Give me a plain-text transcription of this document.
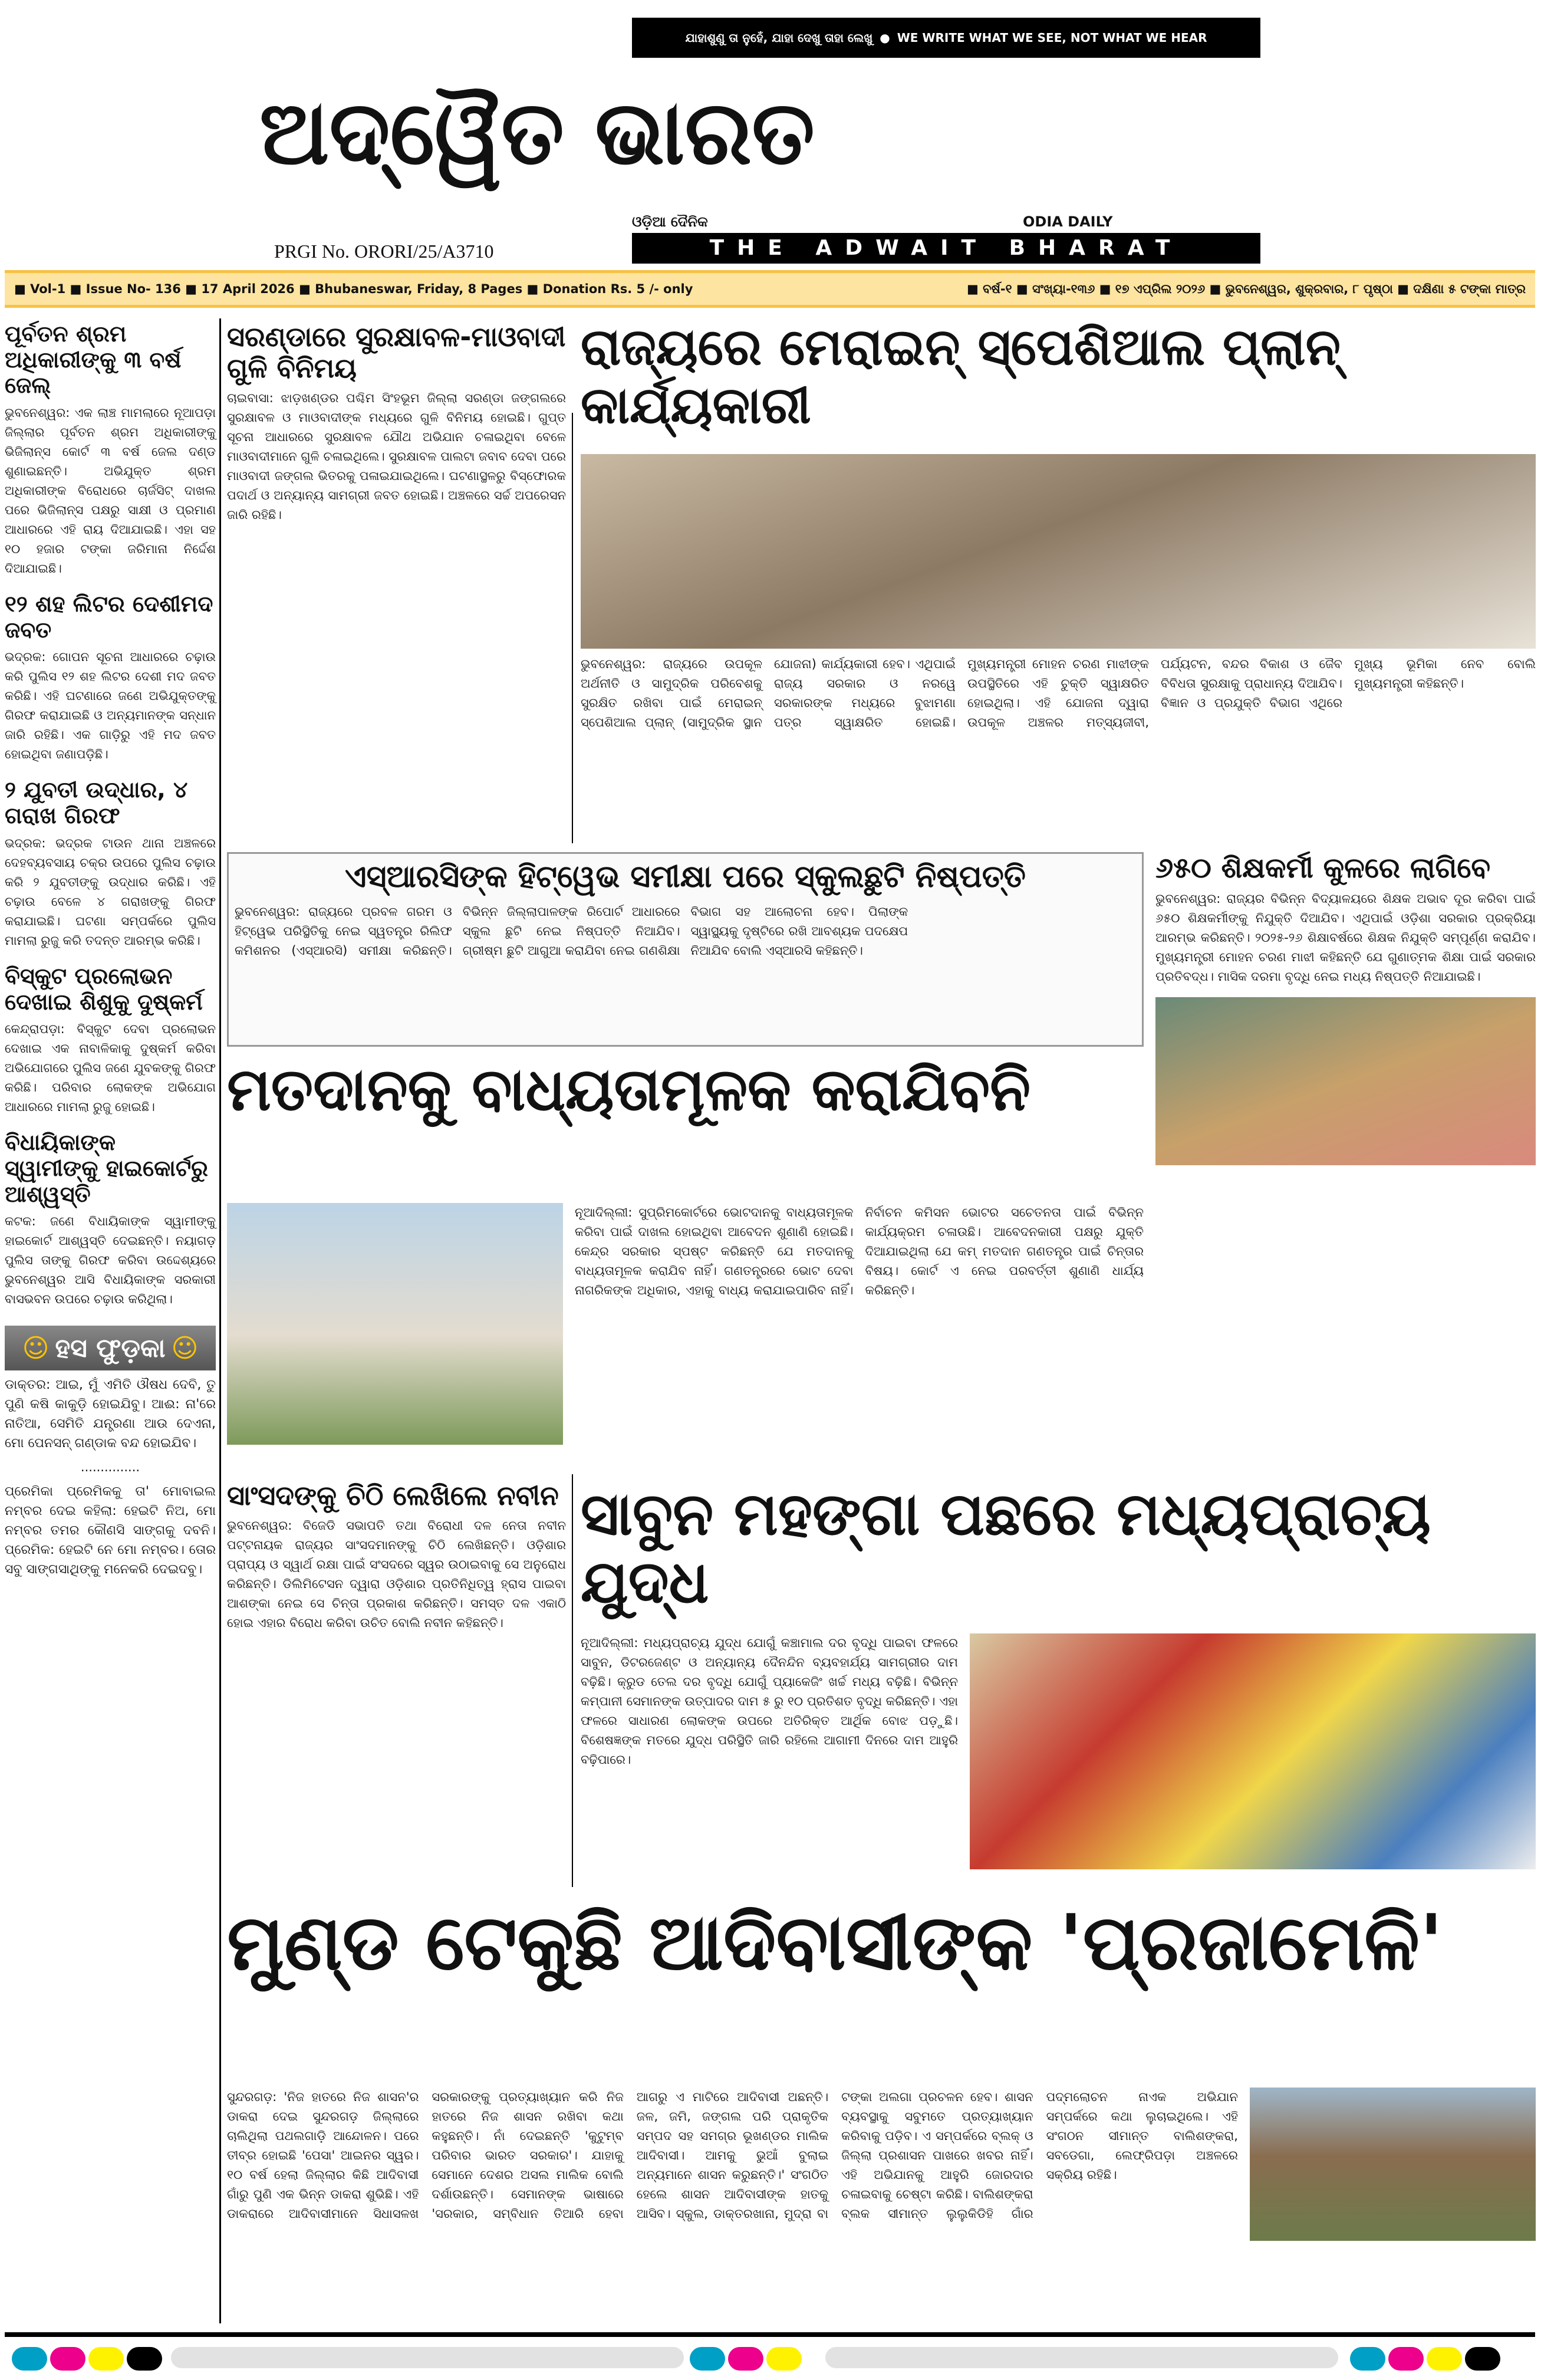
ଅଦ୍ୱୈତ ଭାରତ
ଯାହାଶୁଣୁ ତା ନୁହେଁ, ଯାହା ଦେଖୁ ତାହା ଲେଖୁ ● WE WRITE WHAT WE SEE, NOT WHAT WE HEAR
ଓଡ଼ିଆ ଦୈନିକ	ODIA DAILY
THE ADWAIT BHARAT
PRGI No. ORORI/25/A3710
■ Vol-1 ■ Issue No- 136 ■ 17 April 2026 ■ Bhubaneswar, Friday, 8 Pages ■ Donation Rs. 5 /- only	■ ବର୍ଷ-୧ ■ ସଂଖ୍ୟା-୧୩୬ ■ ୧୭ ଏପ୍ରିଲ ୨୦୨୬ ■ ଭୁବନେଶ୍ୱର, ଶୁକ୍ରବାର, ୮ ପୃଷ୍ଠା ■ ଦକ୍ଷିଣା ୫ ଟଙ୍କା ମାତ୍ର
ପୂର୍ବତନ ଶ୍ରମ ଅଧିକାରୀଙ୍କୁ ୩ ବର୍ଷ ଜେଲ୍
ଭୁବନେଶ୍ୱର: ଏକ ଲାଞ୍ଚ ମାମଲାରେ ନୂଆପଡ଼ା ଜିଲ୍ଲାର ପୂର୍ବତନ ଶ୍ରମ ଅଧିକାରୀଙ୍କୁ ଭିଜିଲାନ୍ସ କୋର୍ଟ ୩ ବର୍ଷ ଜେଲ ଦଣ୍ଡ ଶୁଣାଇଛନ୍ତି। ଅଭିଯୁକ୍ତ ଶ୍ରମ ଅଧିକାରୀଙ୍କ ବିରୋଧରେ ଚାର୍ଜସିଟ୍ ଦାଖଲ ପରେ ଭିଜିଲାନ୍ସ ପକ୍ଷରୁ ସାକ୍ଷୀ ଓ ପ୍ରମାଣ ଆଧାରରେ ଏହି ରାୟ ଦିଆଯାଇଛି। ଏହା ସହ ୧୦ ହଜାର ଟଙ୍କା ଜରିମାନା ନିର୍ଦ୍ଦେଶ ଦିଆଯାଇଛି।
୧୨ ଶହ ଲିଟର ଦେଶୀମଦ ଜବତ
ଭଦ୍ରକ: ଗୋପନ ସୂଚନା ଆଧାରରେ ଚଢ଼ାଉ କରି ପୁଲିସ ୧୨ ଶହ ଲିଟର ଦେଶୀ ମଦ ଜବତ କରିଛି। ଏହି ଘଟଣାରେ ଜଣେ ଅଭିଯୁକ୍ତଙ୍କୁ ଗିରଫ କରାଯାଇଛି ଓ ଅନ୍ୟମାନଙ୍କ ସନ୍ଧାନ ଜାରି ରହିଛି। ଏକ ଗାଡ଼ିରୁ ଏହି ମଦ ଜବତ ହୋଇଥିବା ଜଣାପଡ଼ିଛି।
୨ ଯୁବତୀ ଉଦ୍ଧାର, ୪ ଗରାଖ ଗିରଫ
ଭଦ୍ରକ: ଭଦ୍ରକ ଟାଉନ ଥାନା ଅଞ୍ଚଳରେ ଦେହବ୍ୟବସାୟ ଚକ୍ର ଉପରେ ପୁଲିସ ଚଢ଼ାଉ କରି ୨ ଯୁବତୀଙ୍କୁ ଉଦ୍ଧାର କରିଛି। ଏହି ଚଢ଼ାଉ ବେଳେ ୪ ଗରାଖଙ୍କୁ ଗିରଫ କରାଯାଇଛି। ଘଟଣା ସମ୍ପର୍କରେ ପୁଲିସ ମାମଲା ରୁଜୁ କରି ତଦନ୍ତ ଆରମ୍ଭ କରିଛି।
ବିସ୍କୁଟ ପ୍ରଲୋଭନ ଦେଖାଇ ଶିଶୁକୁ ଦୁଷ୍କର୍ମ
କେନ୍ଦ୍ରାପଡ଼ା: ବିସ୍କୁଟ ଦେବା ପ୍ରଲୋଭନ ଦେଖାଇ ଏକ ନାବାଳିକାକୁ ଦୁଷ୍କର୍ମ କରିବା ଅଭିଯୋଗରେ ପୁଲିସ ଜଣେ ଯୁବକଙ୍କୁ ଗିରଫ କରିଛି। ପରିବାର ଲୋକଙ୍କ ଅଭିଯୋଗ ଆଧାରରେ ମାମଲା ରୁଜୁ ହୋଇଛି।
ବିଧାୟିକାଙ୍କ ସ୍ୱାମୀଙ୍କୁ ହାଇକୋର୍ଟରୁ ଆଶ୍ୱସ୍ତି
କଟକ: ଜଣେ ବିଧାୟିକାଙ୍କ ସ୍ୱାମୀଙ୍କୁ ହାଇକୋର୍ଟ ଆଶ୍ୱସ୍ତି ଦେଇଛନ୍ତି। ନୟାଗଡ଼ ପୁଲିସ ତାଙ୍କୁ ଗିରଫ କରିବା ଉଦ୍ଦେଶ୍ୟରେ ଭୁବନେଶ୍ୱର ଆସି ବିଧାୟିକାଙ୍କ ସରକାରୀ ବାସଭବନ ଉପରେ ଚଢ଼ାଉ କରିଥିଲା।
☺ ହସ ଫୁଡ଼କା ☺
ଡାକ୍ତର: ଆଇ, ମୁଁ ଏମିତି ଔଷଧ ଦେବି, ତୁ ପୁଣି କଷି କାକୁଡ଼ି ହୋଇଯିବୁ। ଆଈ: ନା'ରେ ନାତିଆ, ସେମିତି ଯନ୍ତ୍ରଣା ଆଉ ଦେଏନା, ମୋ ପେନସନ୍ ଗଣ୍ଡାକ ବନ୍ଦ ହୋଇଯିବ।
...............
ପ୍ରେମିକା ପ୍ରେମିକକୁ ତା' ମୋବାଇଲ ନମ୍ବର ଦେଇ କହିଲା: ହେଇଟି ନିଅ, ମୋ ନମ୍ବର ତମର କୌଣସି ସାଙ୍ଗକୁ ଦବନି। ପ୍ରେମିକ: ହେଇଟି ନେ ମୋ ନମ୍ବର। ତୋର ସବୁ ସାଙ୍ଗସାଥିଙ୍କୁ ମନେକରି ଦେଇଦବୁ।
ସରଣ୍ଡାରେ ସୁରକ୍ଷାବଳ-ମାଓବାଦୀ ଗୁଳି ବିନିମୟ
ଚାଇବାସା: ଝାଡ଼ଖଣ୍ଡର ପଶ୍ଚିମ ସିଂହଭୂମ ଜିଲ୍ଲା ସରଣ୍ଡା ଜଙ୍ଗଲରେ ସୁରକ୍ଷାବଳ ଓ ମାଓବାଦୀଙ୍କ ମଧ୍ୟରେ ଗୁଳି ବିନିମୟ ହୋଇଛି। ଗୁପ୍ତ ସୂଚନା ଆଧାରରେ ସୁରକ୍ଷାବଳ ଯୌଥ ଅଭିଯାନ ଚଳାଇଥିବା ବେଳେ ମାଓବାଦୀମାନେ ଗୁଳି ଚଳାଇଥିଲେ। ସୁରକ୍ଷାବଳ ପାଲଟା ଜବାବ ଦେବା ପରେ ମାଓବାଦୀ ଜଙ୍ଗଲ ଭିତରକୁ ପଳାଇଯାଇଥିଲେ। ଘଟଣାସ୍ଥଳରୁ ବିସ୍ଫୋରକ ପଦାର୍ଥ ଓ ଅନ୍ୟାନ୍ୟ ସାମଗ୍ରୀ ଜବତ ହୋଇଛି। ଅଞ୍ଚଳରେ ସର୍ଚ୍ଚ ଅପରେସନ ଜାରି ରହିଛି।
ରାଜ୍ୟରେ ମେରାଇନ୍ ସ୍ପେଶିଆଲ ପ୍ଲାନ୍ କାର୍ଯ୍ୟକାରୀ
ଭୁବନେଶ୍ୱର: ରାଜ୍ୟରେ ଉପକୂଳ ଅର୍ଥନୀତି ଓ ସାମୁଦ୍ରିକ ପରିବେଶକୁ ସୁରକ୍ଷିତ ରଖିବା ପାଇଁ ମେରାଇନ୍ ସ୍ପେଶିଆଲ ପ୍ଲାନ୍ (ସାମୁଦ୍ରିକ ସ୍ଥାନ ଯୋଜନା) କାର୍ଯ୍ୟକାରୀ ହେବ। ଏଥିପାଇଁ ରାଜ୍ୟ ସରକାର ଓ ନରୱେ ସରକାରଙ୍କ ମଧ୍ୟରେ ବୁଝାମଣା ପତ୍ର ସ୍ୱାକ୍ଷରିତ ହୋଇଛି। ମୁଖ୍ୟମନ୍ତ୍ରୀ ମୋହନ ଚରଣ ମାଝୀଙ୍କ ଉପସ୍ଥିତିରେ ଏହି ଚୁକ୍ତି ସ୍ୱାକ୍ଷରିତ ହୋଇଥିଲା। ଏହି ଯୋଜନା ଦ୍ୱାରା ଉପକୂଳ ଅଞ୍ଚଳର ମତ୍ସ୍ୟଜୀବୀ, ପର୍ଯ୍ୟଟନ, ବନ୍ଦର ବିକାଶ ଓ ଜୈବ ବିବିଧତା ସୁରକ୍ଷାକୁ ପ୍ରାଧାନ୍ୟ ଦିଆଯିବ। ବିଜ୍ଞାନ ଓ ପ୍ରଯୁକ୍ତି ବିଭାଗ ଏଥିରେ ମୁଖ୍ୟ ଭୂମିକା ନେବ ବୋଲି ମୁଖ୍ୟମନ୍ତ୍ରୀ କହିଛନ୍ତି।
ଏସ୍ଆରସିଙ୍କ ହିଟ୍‌ୱେଭ ସମୀକ୍ଷା ପରେ ସ୍କୁଲଛୁଟି ନିଷ୍ପତ୍ତି
ଭୁବନେଶ୍ୱର: ରାଜ୍ୟରେ ପ୍ରବଳ ଗରମ ଓ ହିଟ୍‌ୱେଭ ପରିସ୍ଥିତିକୁ ନେଇ ସ୍ୱତନ୍ତ୍ର ରିଲିଫ କମିଶନର (ଏସ୍ଆରସି) ସମୀକ୍ଷା କରିଛନ୍ତି। ବିଭିନ୍ନ ଜିଲ୍ଲାପାଳଙ୍କ ରିପୋର୍ଟ ଆଧାରରେ ସ୍କୁଲ ଛୁଟି ନେଇ ନିଷ୍ପତ୍ତି ନିଆଯିବ। ଗ୍ରୀଷ୍ମ ଛୁଟି ଆଗୁଆ କରାଯିବା ନେଇ ଗଣଶିକ୍ଷା ବିଭାଗ ସହ ଆଲୋଚନା ହେବ। ପିଲାଙ୍କ ସ୍ୱାସ୍ଥ୍ୟକୁ ଦୃଷ୍ଟିରେ ରଖି ଆବଶ୍ୟକ ପଦକ୍ଷେପ ନିଆଯିବ ବୋଲି ଏସ୍ଆରସି କହିଛନ୍ତି।
୬୫୦ ଶିକ୍ଷକର୍ମୀ କୁଳରେ ଲାଗିବେ
ଭୁବନେଶ୍ୱର: ରାଜ୍ୟର ବିଭିନ୍ନ ବିଦ୍ୟାଳୟରେ ଶିକ୍ଷକ ଅଭାବ ଦୂର କରିବା ପାଇଁ ୬୫୦ ଶିକ୍ଷକର୍ମୀଙ୍କୁ ନିଯୁକ୍ତି ଦିଆଯିବ। ଏଥିପାଇଁ ଓଡ଼ିଶା ସରକାର ପ୍ରକ୍ରିୟା ଆରମ୍ଭ କରିଛନ୍ତି। ୨୦୨୫-୨୬ ଶିକ୍ଷାବର୍ଷରେ ଶିକ୍ଷକ ନିଯୁକ୍ତି ସମ୍ପୂର୍ଣ୍ଣ କରାଯିବ। ମୁଖ୍ୟମନ୍ତ୍ରୀ ମୋହନ ଚରଣ ମାଝୀ କହିଛନ୍ତି ଯେ ଗୁଣାତ୍ମକ ଶିକ୍ଷା ପାଇଁ ସରକାର ପ୍ରତିବଦ୍ଧ। ମାସିକ ଦରମା ବୃଦ୍ଧି ନେଇ ମଧ୍ୟ ନିଷ୍ପତ୍ତି ନିଆଯାଇଛି।
ମତଦାନକୁ ବାଧ୍ୟତାମୂଳକ କରାଯିବନି
ନୂଆଦିଲ୍ଲୀ: ସୁପ୍ରିମକୋର୍ଟରେ ଭୋଟଦାନକୁ ବାଧ୍ୟତାମୂଳକ କରିବା ପାଇଁ ଦାଖଲ ହୋଇଥିବା ଆବେଦନ ଶୁଣାଣି ହୋଇଛି। କେନ୍ଦ୍ର ସରକାର ସ୍ପଷ୍ଟ କରିଛନ୍ତି ଯେ ମତଦାନକୁ ବାଧ୍ୟତାମୂଳକ କରାଯିବ ନାହିଁ। ଗଣତନ୍ତ୍ରରେ ଭୋଟ ଦେବା ନାଗରିକଙ୍କ ଅଧିକାର, ଏହାକୁ ବାଧ୍ୟ କରାଯାଇପାରିବ ନାହିଁ। ନିର୍ବାଚନ କମିସନ ଭୋଟର ସଚେତନତା ପାଇଁ ବିଭିନ୍ନ କାର୍ଯ୍ୟକ୍ରମ ଚଳାଉଛି। ଆବେଦନକାରୀ ପକ୍ଷରୁ ଯୁକ୍ତି ଦିଆଯାଇଥିଲା ଯେ କମ୍ ମତଦାନ ଗଣତନ୍ତ୍ର ପାଇଁ ଚିନ୍ତାର ବିଷୟ। କୋର୍ଟ ଏ ନେଇ ପରବର୍ତ୍ତୀ ଶୁଣାଣି ଧାର୍ଯ୍ୟ କରିଛନ୍ତି।
ସାଂସଦଙ୍କୁ ଚିଠି ଲେଖିଲେ ନବୀନ
ଭୁବନେଶ୍ୱର: ବିଜେଡି ସଭାପତି ତଥା ବିରୋଧୀ ଦଳ ନେତା ନବୀନ ପଟ୍ଟନାୟକ ରାଜ୍ୟର ସାଂସଦମାନଙ୍କୁ ଚିଠି ଲେଖିଛନ୍ତି। ଓଡ଼ିଶାର ପ୍ରାପ୍ୟ ଓ ସ୍ୱାର୍ଥ ରକ୍ଷା ପାଇଁ ସଂସଦରେ ସ୍ୱର ଉଠାଇବାକୁ ସେ ଅନୁରୋଧ କରିଛନ୍ତି। ଡିଲିମିଟେସନ ଦ୍ୱାରା ଓଡ଼ିଶାର ପ୍ରତିନିଧିତ୍ୱ ହ୍ରାସ ପାଇବା ଆଶଙ୍କା ନେଇ ସେ ଚିନ୍ତା ପ୍ରକାଶ କରିଛନ୍ତି। ସମସ୍ତ ଦଳ ଏକାଠି ହୋଇ ଏହାର ବିରୋଧ କରିବା ଉଚିତ ବୋଲି ନବୀନ କହିଛନ୍ତି।
ସାବୁନ ମହଙ୍ଗା ପଛରେ ମଧ୍ୟପ୍ରାଚ୍ୟ ଯୁଦ୍ଧ
ନୂଆଦିଲ୍ଲୀ: ମଧ୍ୟପ୍ରାଚ୍ୟ ଯୁଦ୍ଧ ଯୋଗୁଁ କଞ୍ଚାମାଲ ଦର ବୃଦ୍ଧି ପାଇବା ଫଳରେ ସାବୁନ, ଡିଟରଜେଣ୍ଟ ଓ ଅନ୍ୟାନ୍ୟ ଦୈନନ୍ଦିନ ବ୍ୟବହାର୍ଯ୍ୟ ସାମଗ୍ରୀର ଦାମ ବଢ଼ିଛି। କ୍ରୁଡ ତେଲ ଦର ବୃଦ୍ଧି ଯୋଗୁଁ ପ୍ୟାକେଜିଂ ଖର୍ଚ୍ଚ ମଧ୍ୟ ବଢ଼ିଛି। ବିଭିନ୍ନ କମ୍ପାନୀ ସେମାନଙ୍କ ଉତ୍ପାଦର ଦାମ ୫ ରୁ ୧୦ ପ୍ରତିଶତ ବୃଦ୍ଧି କରିଛନ୍ତି। ଏହା ଫଳରେ ସାଧାରଣ ଲୋକଙ୍କ ଉପରେ ଅତିରିକ୍ତ ଆର୍ଥିକ ବୋଝ ପଡ଼ୁଛି। ବିଶେଷଜ୍ଞଙ୍କ ମତରେ ଯୁଦ୍ଧ ପରିସ୍ଥିତି ଜାରି ରହିଲେ ଆଗାମୀ ଦିନରେ ଦାମ ଆହୁରି ବଢ଼ିପାରେ।
ମୁଣ୍ଡ ଟେକୁଛି ଆଦିବାସୀଙ୍କ 'ପ୍ରଜାମେଳି'
ସୁନ୍ଦରଗଡ଼: 'ନିଜ ହାତରେ ନିଜ ଶାସନ'ର ଡାକରା ଦେଇ ସୁନ୍ଦରଗଡ଼ ଜିଲ୍ଲାରେ ଚାଲିଥିଲା ପଥଲଗାଡ଼ି ଆନ୍ଦୋଳନ। ପରେ ତୀବ୍ର ହୋଇଛି 'ପେସା' ଆଇନର ସ୍ୱର। ୧୦ ବର୍ଷ ହେଲା ଜିଲ୍ଲାର କିଛି ଆଦିବାସୀ ଗାଁରୁ ପୁଣି ଏକ ଭିନ୍ନ ଡାକରା ଶୁଭିଛି। ଏହି ଡାକରାରେ ଆଦିବାସୀମାନେ ସିଧାସଳଖ ସରକାରଙ୍କୁ ପ୍ରତ୍ୟାଖ୍ୟାନ କରି ନିଜ ହାତରେ ନିଜ ଶାସନ ରଖିବା କଥା କହୁଛନ୍ତି। ନାଁ ଦେଇଛନ୍ତି 'କୁଟୁମ୍ବ ପରିବାର ଭାରତ ସରକାର'। ଯାହାକୁ ସେମାନେ ଦେଶର ଅସଲ ମାଲିକ ବୋଲି ଦର୍ଶାଉଛନ୍ତି। ସେମାନଙ୍କ ଭାଷାରେ 'ସରକାର, ସମ୍ବିଧାନ ତିଆରି ହେବା ଆଗରୁ ଏ ମାଟିରେ ଆଦିବାସୀ ଅଛନ୍ତି। ଜଳ, ଜମି, ଜଙ୍ଗଲ ପରି ପ୍ରାକୃତିକ ସମ୍ପଦ ସହ ସମଗ୍ର ଭୂଖଣ୍ଡର ମାଲିକ ଆଦିବାସୀ। ଆମକୁ ଭୁଆଁ ବୁଲାଇ ଅନ୍ୟମାନେ ଶାସନ କରୁଛନ୍ତି।' ସଂଗଠିତ ହେଲେ ଶାସନ ଆଦିବାସୀଙ୍କ ହାତକୁ ଆସିବ। ସ୍କୁଲ, ଡାକ୍ତରଖାନା, ମୁଦ୍ରା ବା ଟଙ୍କା ଅଲଗା ପ୍ରଚଳନ ହେବ। ଶାସନ ବ୍ୟବସ୍ଥାକୁ ସବୁମତେ ପ୍ରତ୍ୟାଖ୍ୟାନ କରିବାକୁ ପଡ଼ିବ। ଏ ସମ୍ପର୍କରେ ବ୍ଲକ୍ ଓ ଜିଲ୍ଲା ପ୍ରଶାସନ ପାଖରେ ଖବର ନାହିଁ। ଏହି ଅଭିଯାନକୁ ଆହୁରି ଜୋରଦାର ଚଳାଇବାକୁ ଚେଷ୍ଟା କରିଛି। ବାଲିଶଙ୍କରା ବ୍ଲକ ସୀମାନ୍ତ ଲୁଲୁକିଡିହି ଗାଁର ପଦ୍ମଲୋଚନ ନାଏକ ଅଭିଯାନ ସମ୍ପର୍କରେ କଥା ଲୁଚାଇଥିଲେ। ଏହି ସଂଗଠନ ସୀମାନ୍ତ ବାଲିଶଙ୍କରା, ସବଡେଗା, ଲେଫ୍ରିପଡ଼ା ଅଞ୍ଚଳରେ ସକ୍ରିୟ ରହିଛି।
